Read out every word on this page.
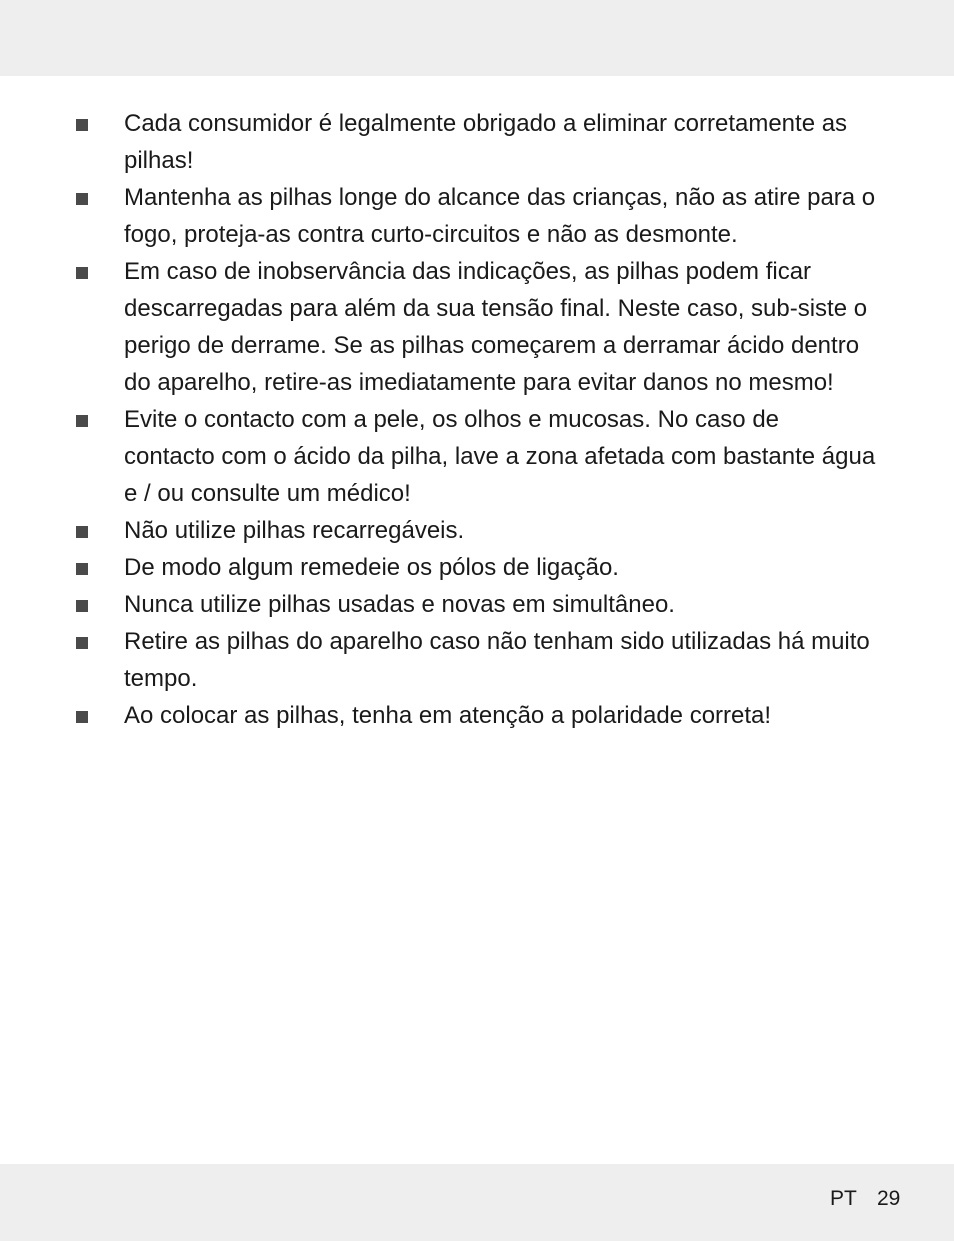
Cada consumidor é legalmente obrigado a eliminar corretamente as pilhas!
Mantenha as pilhas longe do alcance das crianças, não as atire para o fogo, proteja-as contra curto-circuitos e não as desmonte.
Em caso de inobservância das indicações, as pilhas podem ficar descarregadas para além da sua tensão final. Neste caso, sub-siste o perigo de derrame. Se as pilhas começarem a derramar ácido dentro do aparelho, retire-as imediatamente para evitar danos no mesmo!
Evite o contacto com a pele, os olhos e mucosas. No caso de contacto com o ácido da pilha, lave a zona afetada com bastante água e / ou consulte um médico!
Não utilize pilhas recarregáveis.
De modo algum remedeie os pólos de ligação.
Nunca utilize pilhas usadas e novas em simultâneo.
Retire as pilhas do aparelho caso não tenham sido utilizadas há muito tempo.
Ao colocar as pilhas, tenha em atenção a polaridade correta!
PT 29
